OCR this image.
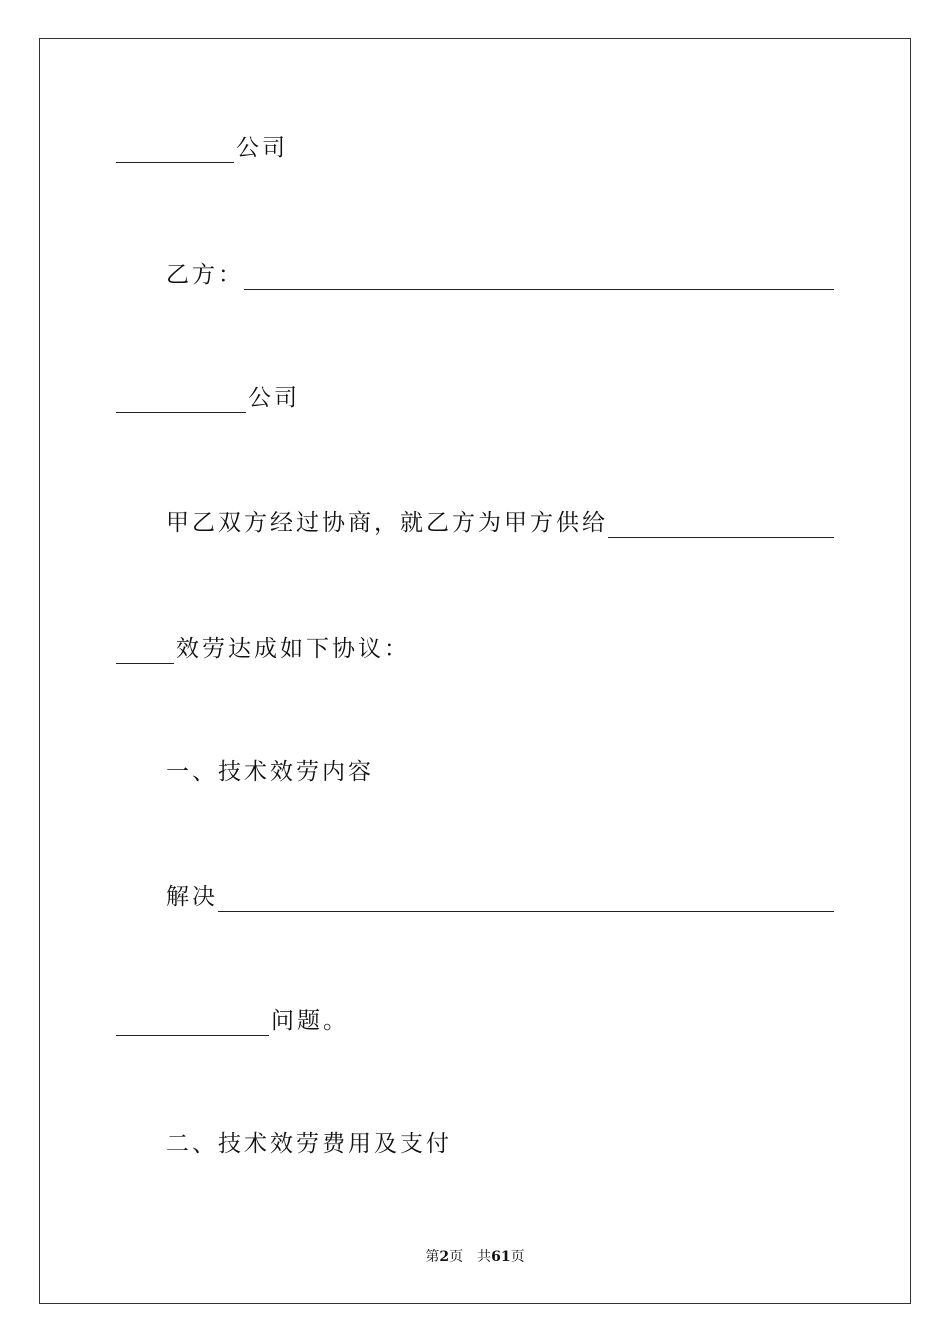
公司
乙方：
公司
甲乙双方经过协商，就乙方为甲方供给
效劳达成如下协议：
一、技术效劳内容
解决
问题。
二、技术效劳费用及支付
第2页 共61页
